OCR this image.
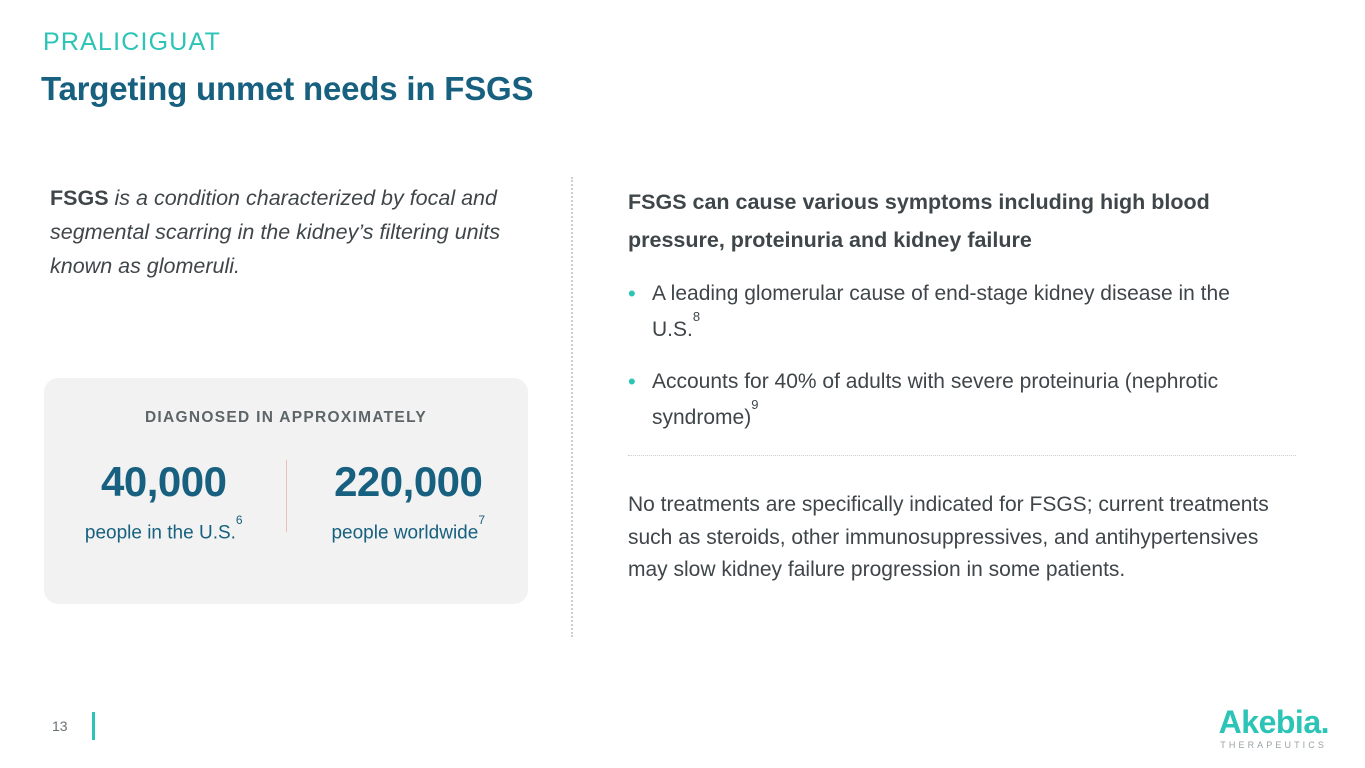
PRALICIGUAT
Targeting unmet needs in FSGS
FSGS is a condition characterized by focal and segmental scarring in the kidney’s filtering units known as glomeruli.
DIAGNOSED IN APPROXIMATELY
40,000
people in the U.S.$^6$
220,000
people worldwide$^7$
FSGS can cause various symptoms including high blood pressure, proteinuria and kidney failure
• A leading glomerular cause of end-stage kidney disease in the U.S.$^8$
• Accounts for 40% of adults with severe proteinuria (nephrotic syndrome)$^9$
No treatments are specifically indicated for FSGS; current treatments such as steroids, other immunosuppressives, and antihypertensives may slow kidney failure progression in some patients.
13	Akebia.
THERAPEUTICS
